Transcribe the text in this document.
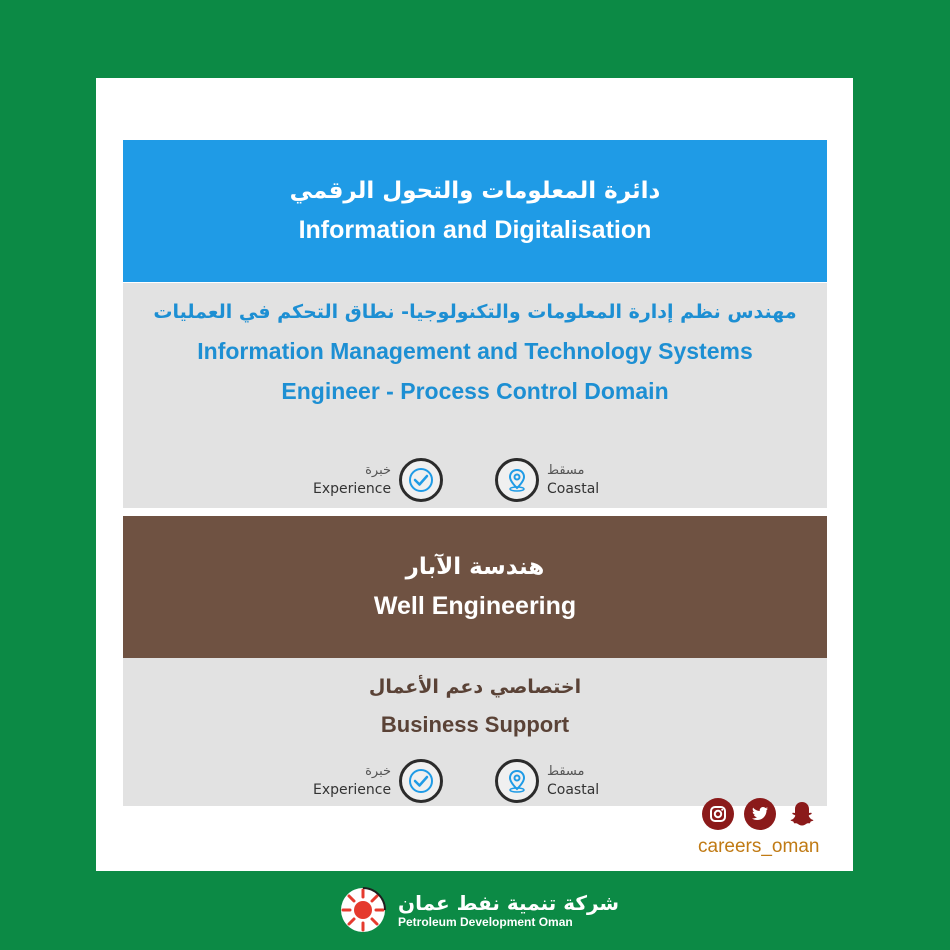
دائرة المعلومات والتحول الرقمي
Information and Digitalisation
مهندس نظم إدارة المعلومات والتكنولوجيا- نطاق التحكم في العمليات
Information Management and Technology Systems
Engineer - Process Control Domain
خبرة
Experience
مسقط
Coastal
هندسة الآبار
Well Engineering
اختصاصي دعم الأعمال
Business Support
خبرة
Experience
مسقط
Coastal
careers_oman
شركة تنمية نفط عمان
Petroleum Development Oman
